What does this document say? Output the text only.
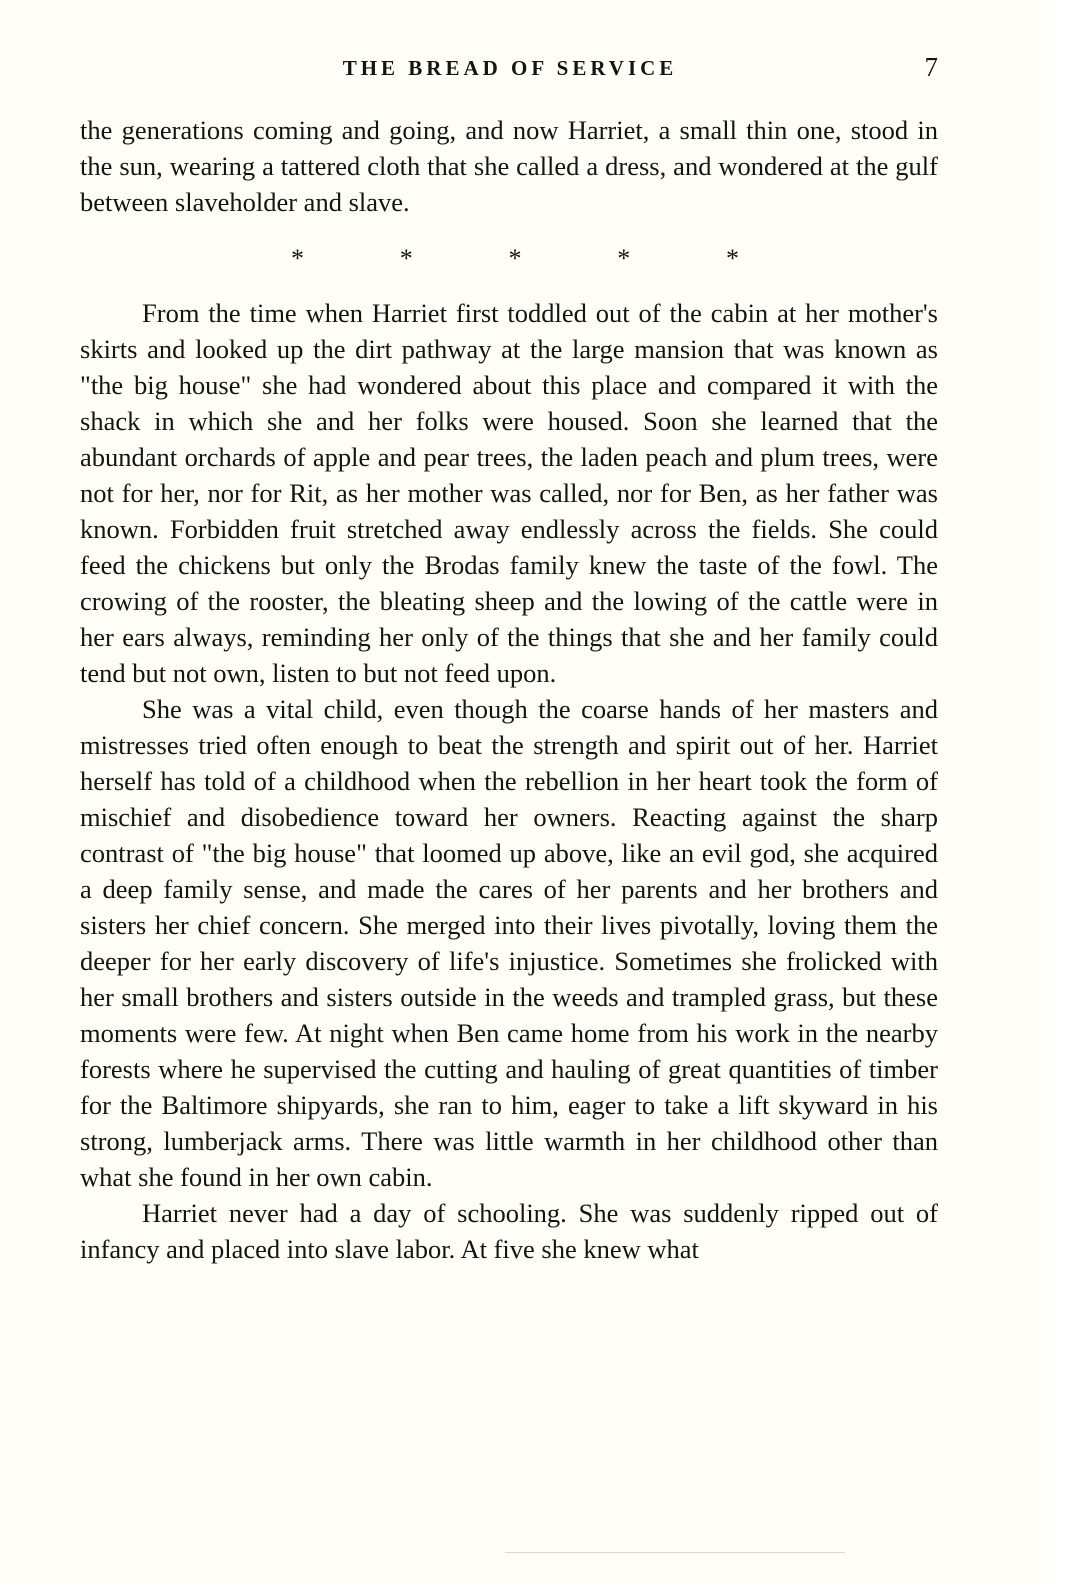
THE BREAD OF SERVICE	7

the generations coming and going, and now Harriet, a small thin one, stood in the sun, wearing a tattered cloth that she called a dress, and wondered at the gulf between slaveholder and slave.

*	*	*	*	*

From the time when Harriet first toddled out of the cabin at her mother's skirts and looked up the dirt pathway at the large mansion that was known as "the big house" she had wondered about this place and compared it with the shack in which she and her folks were housed. Soon she learned that the abundant orchards of apple and pear trees, the laden peach and plum trees, were not for her, nor for Rit, as her mother was called, nor for Ben, as her father was known. Forbidden fruit stretched away endlessly across the fields. She could feed the chickens but only the Brodas family knew the taste of the fowl. The crowing of the rooster, the bleating sheep and the lowing of the cattle were in her ears always, reminding her only of the things that she and her family could tend but not own, listen to but not feed upon.

She was a vital child, even though the coarse hands of her masters and mistresses tried often enough to beat the strength and spirit out of her. Harriet herself has told of a childhood when the rebellion in her heart took the form of mischief and disobedience toward her owners. Reacting against the sharp contrast of "the big house" that loomed up above, like an evil god, she acquired a deep family sense, and made the cares of her parents and her brothers and sisters her chief concern. She merged into their lives pivotally, loving them the deeper for her early discovery of life's injustice. Sometimes she frolicked with her small brothers and sisters outside in the weeds and trampled grass, but these moments were few. At night when Ben came home from his work in the nearby forests where he supervised the cutting and hauling of great quantities of timber for the Baltimore shipyards, she ran to him, eager to take a lift skyward in his strong, lumberjack arms. There was little warmth in her childhood other than what she found in her own cabin.

Harriet never had a day of schooling. She was suddenly ripped out of infancy and placed into slave labor. At five she knew what
